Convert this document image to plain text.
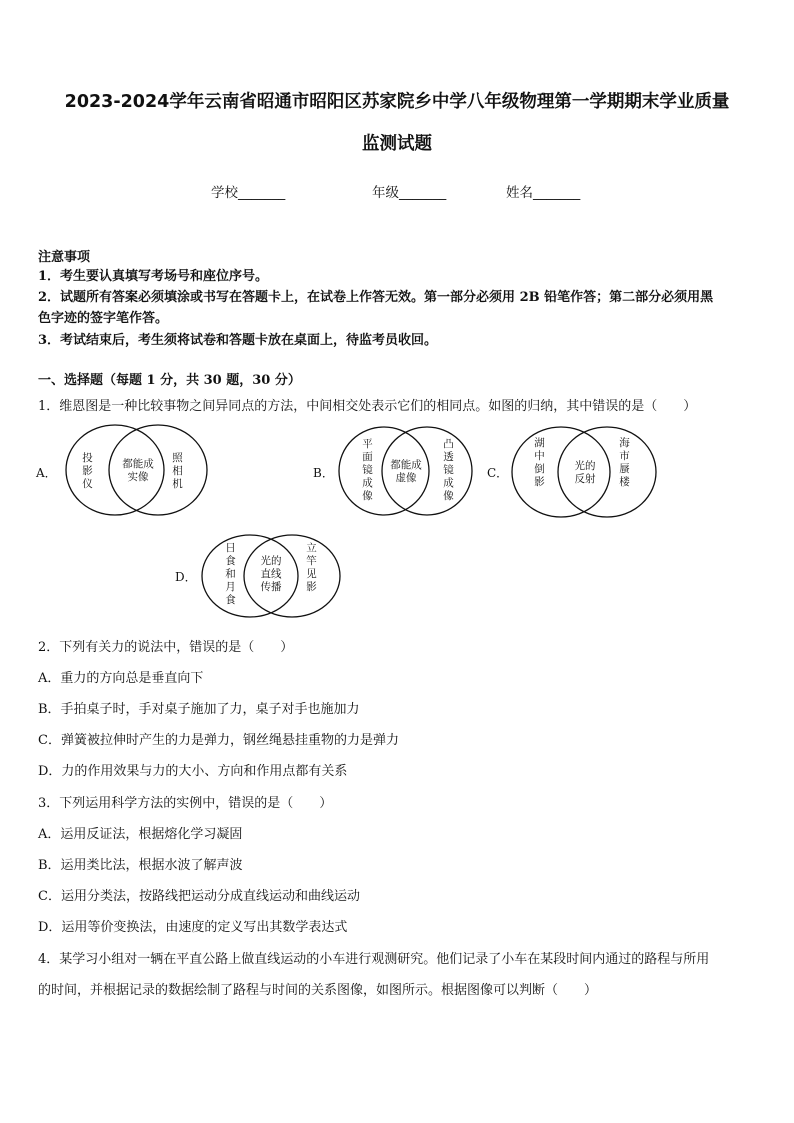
2023-2024学年云南省昭通市昭阳区苏家院乡中学八年级物理第一学期期末学业质量
监测试题
学校_______	年级_______	姓名_______
注意事项
1．考生要认真填写考场号和座位序号。
2．试题所有答案必须填涂或书写在答题卡上，在试卷上作答无效。第一部分必须用 2B 铅笔作答；第二部分必须用黑
色字迹的签字笔作答。
3．考试结束后，考生须将试卷和答题卡放在桌面上，待监考员收回。
一、选择题（每题 1 分，共 30 题，30 分）
1．维恩图是一种比较事物之间异同点的方法，中间相交处表示它们的相同点。如图的归纳，其中错误的是（　　）
A．
投影仪
都能成
实像
照相机
B．
平面镜成像
都能成
虚像
凸透镜成像
C．
湖中倒影
光的
反射
海市蜃楼
D．
日食和月食
光的
直线
传播
立竿见影
2．下列有关力的说法中，错误的是（　　）
A．重力的方向总是垂直向下
B．手拍桌子时，手对桌子施加了力，桌子对手也施加力
C．弹簧被拉伸时产生的力是弹力，钢丝绳悬挂重物的力是弹力
D．力的作用效果与力的大小、方向和作用点都有关系
3．下列运用科学方法的实例中，错误的是（　　）
A．运用反证法，根据熔化学习凝固
B．运用类比法，根据水波了解声波
C．运用分类法，按路线把运动分成直线运动和曲线运动
D．运用等价变换法，由速度的定义写出其数学表达式
4．某学习小组对一辆在平直公路上做直线运动的小车进行观测研究。他们记录了小车在某段时间内通过的路程与所用
的时间，并根据记录的数据绘制了路程与时间的关系图像，如图所示。根据图像可以判断（　　）
